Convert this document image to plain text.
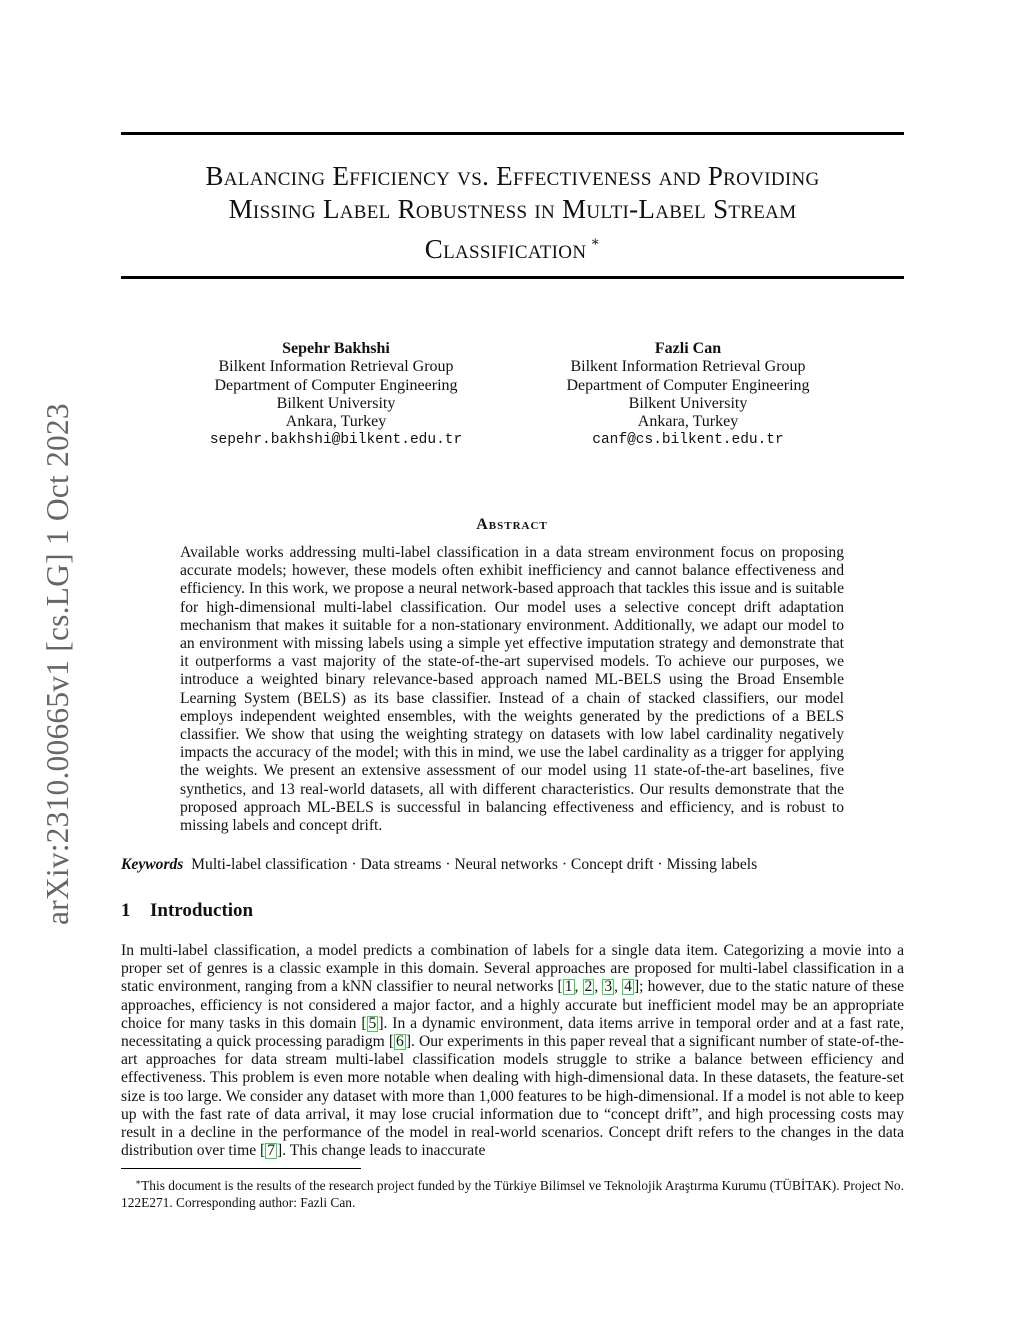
arXiv:2310.00665v1 [cs.LG] 1 Oct 2023
Balancing Efficiency vs. Effectiveness and Providing
Missing Label Robustness in Multi-Label Stream
Classification ∗
Sepehr Bakhshi
Bilkent Information Retrieval Group
Department of Computer Engineering
Bilkent University
Ankara, Turkey
sepehr.bakhshi@bilkent.edu.tr
Fazli Can
Bilkent Information Retrieval Group
Department of Computer Engineering
Bilkent University
Ankara, Turkey
canf@cs.bilkent.edu.tr
Abstract

Available works addressing multi-label classification in a data stream environment focus on proposing accurate models; however, these models often exhibit inefficiency and cannot balance effectiveness and efficiency. In this work, we propose a neural network-based approach that tackles this issue and is suitable for high-dimensional multi-label classification. Our model uses a selective concept drift adaptation mechanism that makes it suitable for a non-stationary environment. Additionally, we adapt our model to an environment with missing labels using a simple yet effective imputation strategy and demonstrate that it outperforms a vast majority of the state-of-the-art supervised models. To achieve our purposes, we introduce a weighted binary relevance-based approach named ML-BELS using the Broad Ensemble Learning System (BELS) as its base classifier. Instead of a chain of stacked classifiers, our model employs independent weighted ensembles, with the weights generated by the predictions of a BELS classifier. We show that using the weighting strategy on datasets with low label cardinality negatively impacts the accuracy of the model; with this in mind, we use the label cardinality as a trigger for applying the weights. We present an extensive assessment of our model using 11 state-of-the-art baselines, five synthetics, and 13 real-world datasets, all with different characteristics. Our results demonstrate that the proposed approach ML-BELS is successful in balancing effectiveness and efficiency, and is robust to missing labels and concept drift.

Keywords Multi-label classification · Data streams · Neural networks · Concept drift · Missing labels
1 Introduction

In multi-label classification, a model predicts a combination of labels for a single data item. Categorizing a movie into a proper set of genres is a classic example in this domain. Several approaches are proposed for multi-label classification in a static environment, ranging from a kNN classifier to neural networks [ 1 , 2 , 3 , 4 ]; however, due to the static nature of these approaches, efficiency is not considered a major factor, and a highly accurate but inefficient model may be an appropriate choice for many tasks in this domain [ 5 ]. In a dynamic environment, data items arrive in temporal order and at a fast rate, necessitating a quick processing paradigm [ 6 ]. Our experiments in this paper reveal that a significant number of state-of-the-art approaches for data stream multi-label classification models struggle to strike a balance between efficiency and effectiveness. This problem is even more notable when dealing with high-dimensional data. In these datasets, the feature-set size is too large. We consider any dataset with more than 1,000 features to be high-dimensional. If a model is not able to keep up with the fast rate of data arrival, it may lose crucial information due to “concept drift”, and high processing costs may result in a decline in the performance of the model in real-world scenarios. Concept drift refers to the changes in the data distribution over time [ 7 ]. This change leads to inaccurate

∗This document is the results of the research project funded by the Türkiye Bilimsel ve Teknolojik Araştırma Kurumu (TÜBİTAK). Project No. 122E271. Corresponding author: Fazli Can.
